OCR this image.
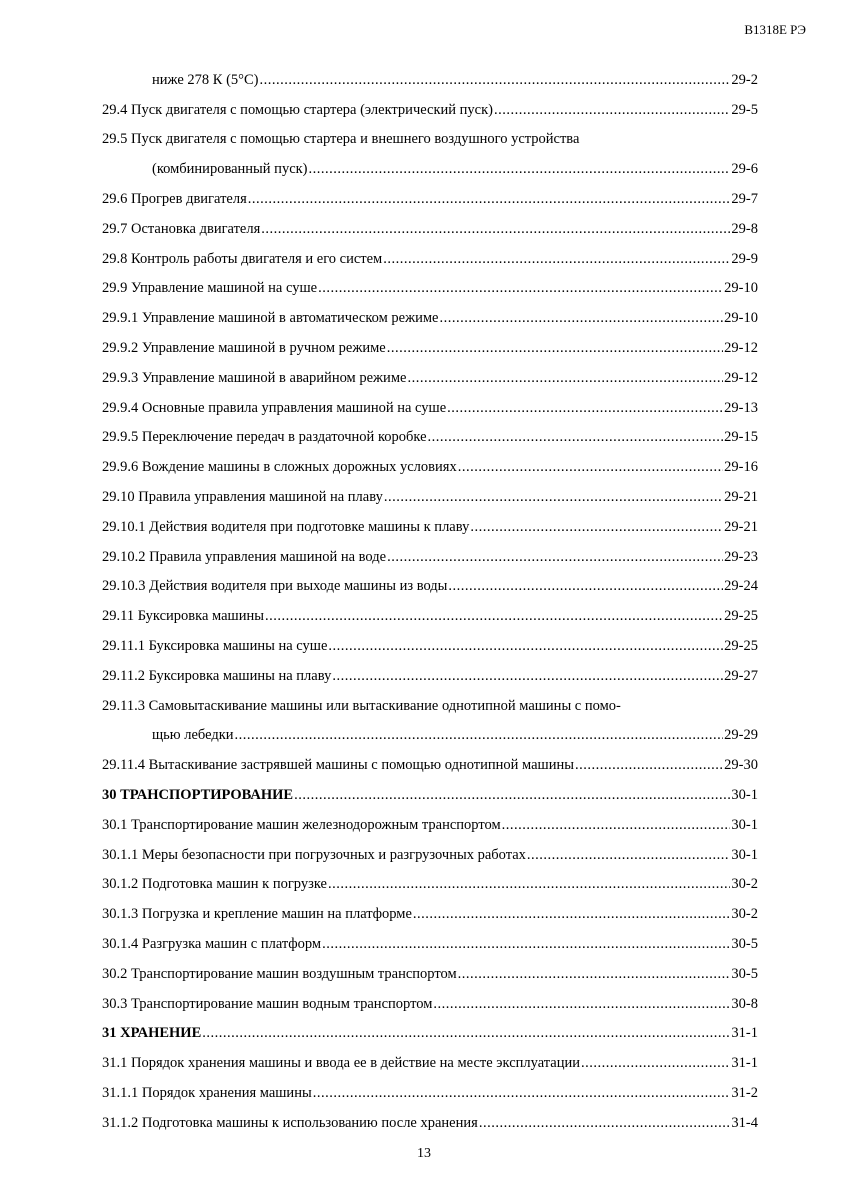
В1318Е РЭ
ниже 278 К (5°С) .....	29-2
29.4 Пуск двигателя с помощью стартера (электрический пуск) .....	29-5
29.5 Пуск двигателя с помощью стартера и внешнего воздушного устройства
(комбинированный пуск) .....	29-6
29.6 Прогрев двигателя .....	29-7
29.7 Остановка двигателя .....	29-8
29.8 Контроль работы двигателя и его систем .....	29-9
29.9 Управление машиной на суше .....	29-10
29.9.1 Управление машиной в автоматическом режиме .....	29-10
29.9.2 Управление машиной в ручном режиме .....	29-12
29.9.3 Управление машиной в аварийном режиме .....	29-12
29.9.4 Основные правила управления машиной на суше .....	29-13
29.9.5 Переключение передач в раздаточной коробке .....	29-15
29.9.6 Вождение машины в сложных дорожных условиях .....	29-16
29.10 Правила управления машиной на плаву .....	29-21
29.10.1 Действия водителя при подготовке машины к плаву .....	29-21
29.10.2 Правила управления машиной на воде .....	29-23
29.10.3 Действия водителя при выходе машины из воды .....	29-24
29.11 Буксировка машины .....	29-25
29.11.1 Буксировка машины на суше .....	29-25
29.11.2 Буксировка машины на плаву .....	29-27
29.11.3 Самовытаскивание машины или вытаскивание однотипной машины с помо-
щью лебедки .....	29-29
29.11.4 Вытаскивание застрявшей машины с помощью однотипной машины .....	29-30
30 ТРАНСПОРТИРОВАНИЕ .....	30-1
30.1 Транспортирование машин железнодорожным транспортом .....	30-1
30.1.1 Меры безопасности при погрузочных и разгрузочных работах .....	30-1
30.1.2 Подготовка машин к погрузке .....	30-2
30.1.3 Погрузка и крепление машин на платформе .....	30-2
30.1.4 Разгрузка машин с платформ .....	30-5
30.2 Транспортирование машин воздушным транспортом .....	30-5
30.3 Транспортирование машин водным транспортом .....	30-8
31 ХРАНЕНИЕ .....	31-1
31.1 Порядок хранения машины и ввода ее в действие на месте эксплуатации .....	31-1
31.1.1 Порядок хранения машины .....	31-2
31.1.2 Подготовка машины к использованию после хранения .....	31-4
13
